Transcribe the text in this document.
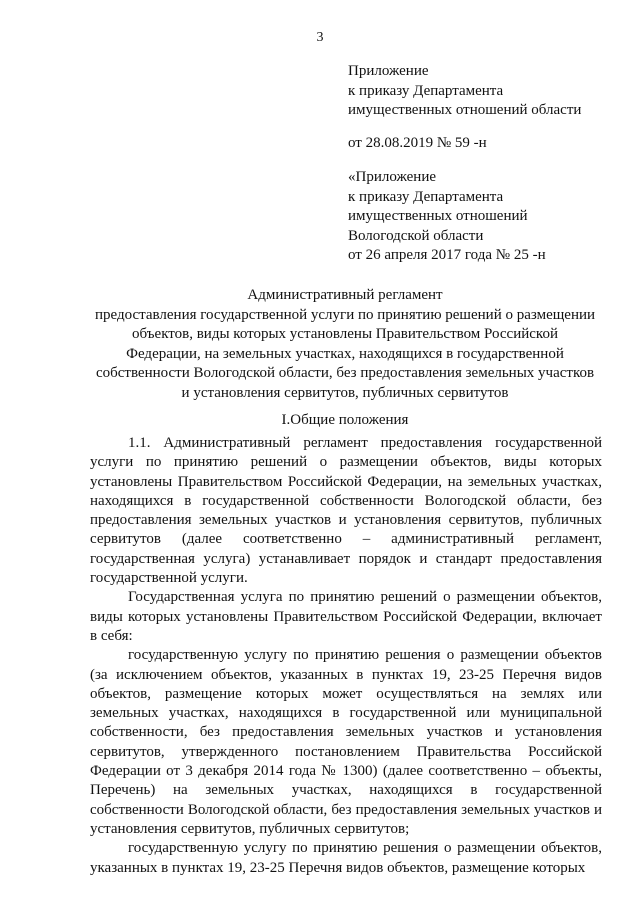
3
Приложение
к приказу Департамента
имущественных отношений области
от 28.08.2019 № 59 -н
«Приложение
к приказу Департамента
имущественных отношений
Вологодской области
от 26 апреля 2017 года № 25 -н
Административный регламент
предоставления государственной услуги по принятию решений о размещении
объектов, виды которых установлены Правительством Российской
Федерации, на земельных участках, находящихся в государственной
собственности Вологодской области, без предоставления земельных участков
и установления сервитутов, публичных сервитутов
I.Общие положения

1.1. Административный регламент предоставления государственной услуги по принятию решений о размещении объектов, виды которых установлены Правительством Российской Федерации, на земельных участках, находящихся в государственной собственности Вологодской области, без предоставления земельных участков и установления сервитутов, публичных сервитутов (далее соответственно – административный регламент, государственная услуга) устанавливает порядок и стандарт предоставления государственной услуги.

Государственная услуга по принятию решений о размещении объектов, виды которых установлены Правительством Российской Федерации, включает в себя:

государственную услугу по принятию решения о размещении объектов (за исключением объектов, указанных в пунктах 19, 23-25 Перечня видов объектов, размещение которых может осуществляться на землях или земельных участках, находящихся в государственной или муниципальной собственности, без предоставления земельных участков и установления сервитутов, утвержденного постановлением Правительства Российской Федерации от 3 декабря 2014 года № 1300) (далее соответственно – объекты, Перечень) на земельных участках, находящихся в государственной собственности Вологодской области, без предоставления земельных участков и установления сервитутов, публичных сервитутов;

государственную услугу по принятию решения о размещении объектов, указанных в пунктах 19, 23-25 Перечня видов объектов, размещение которых
